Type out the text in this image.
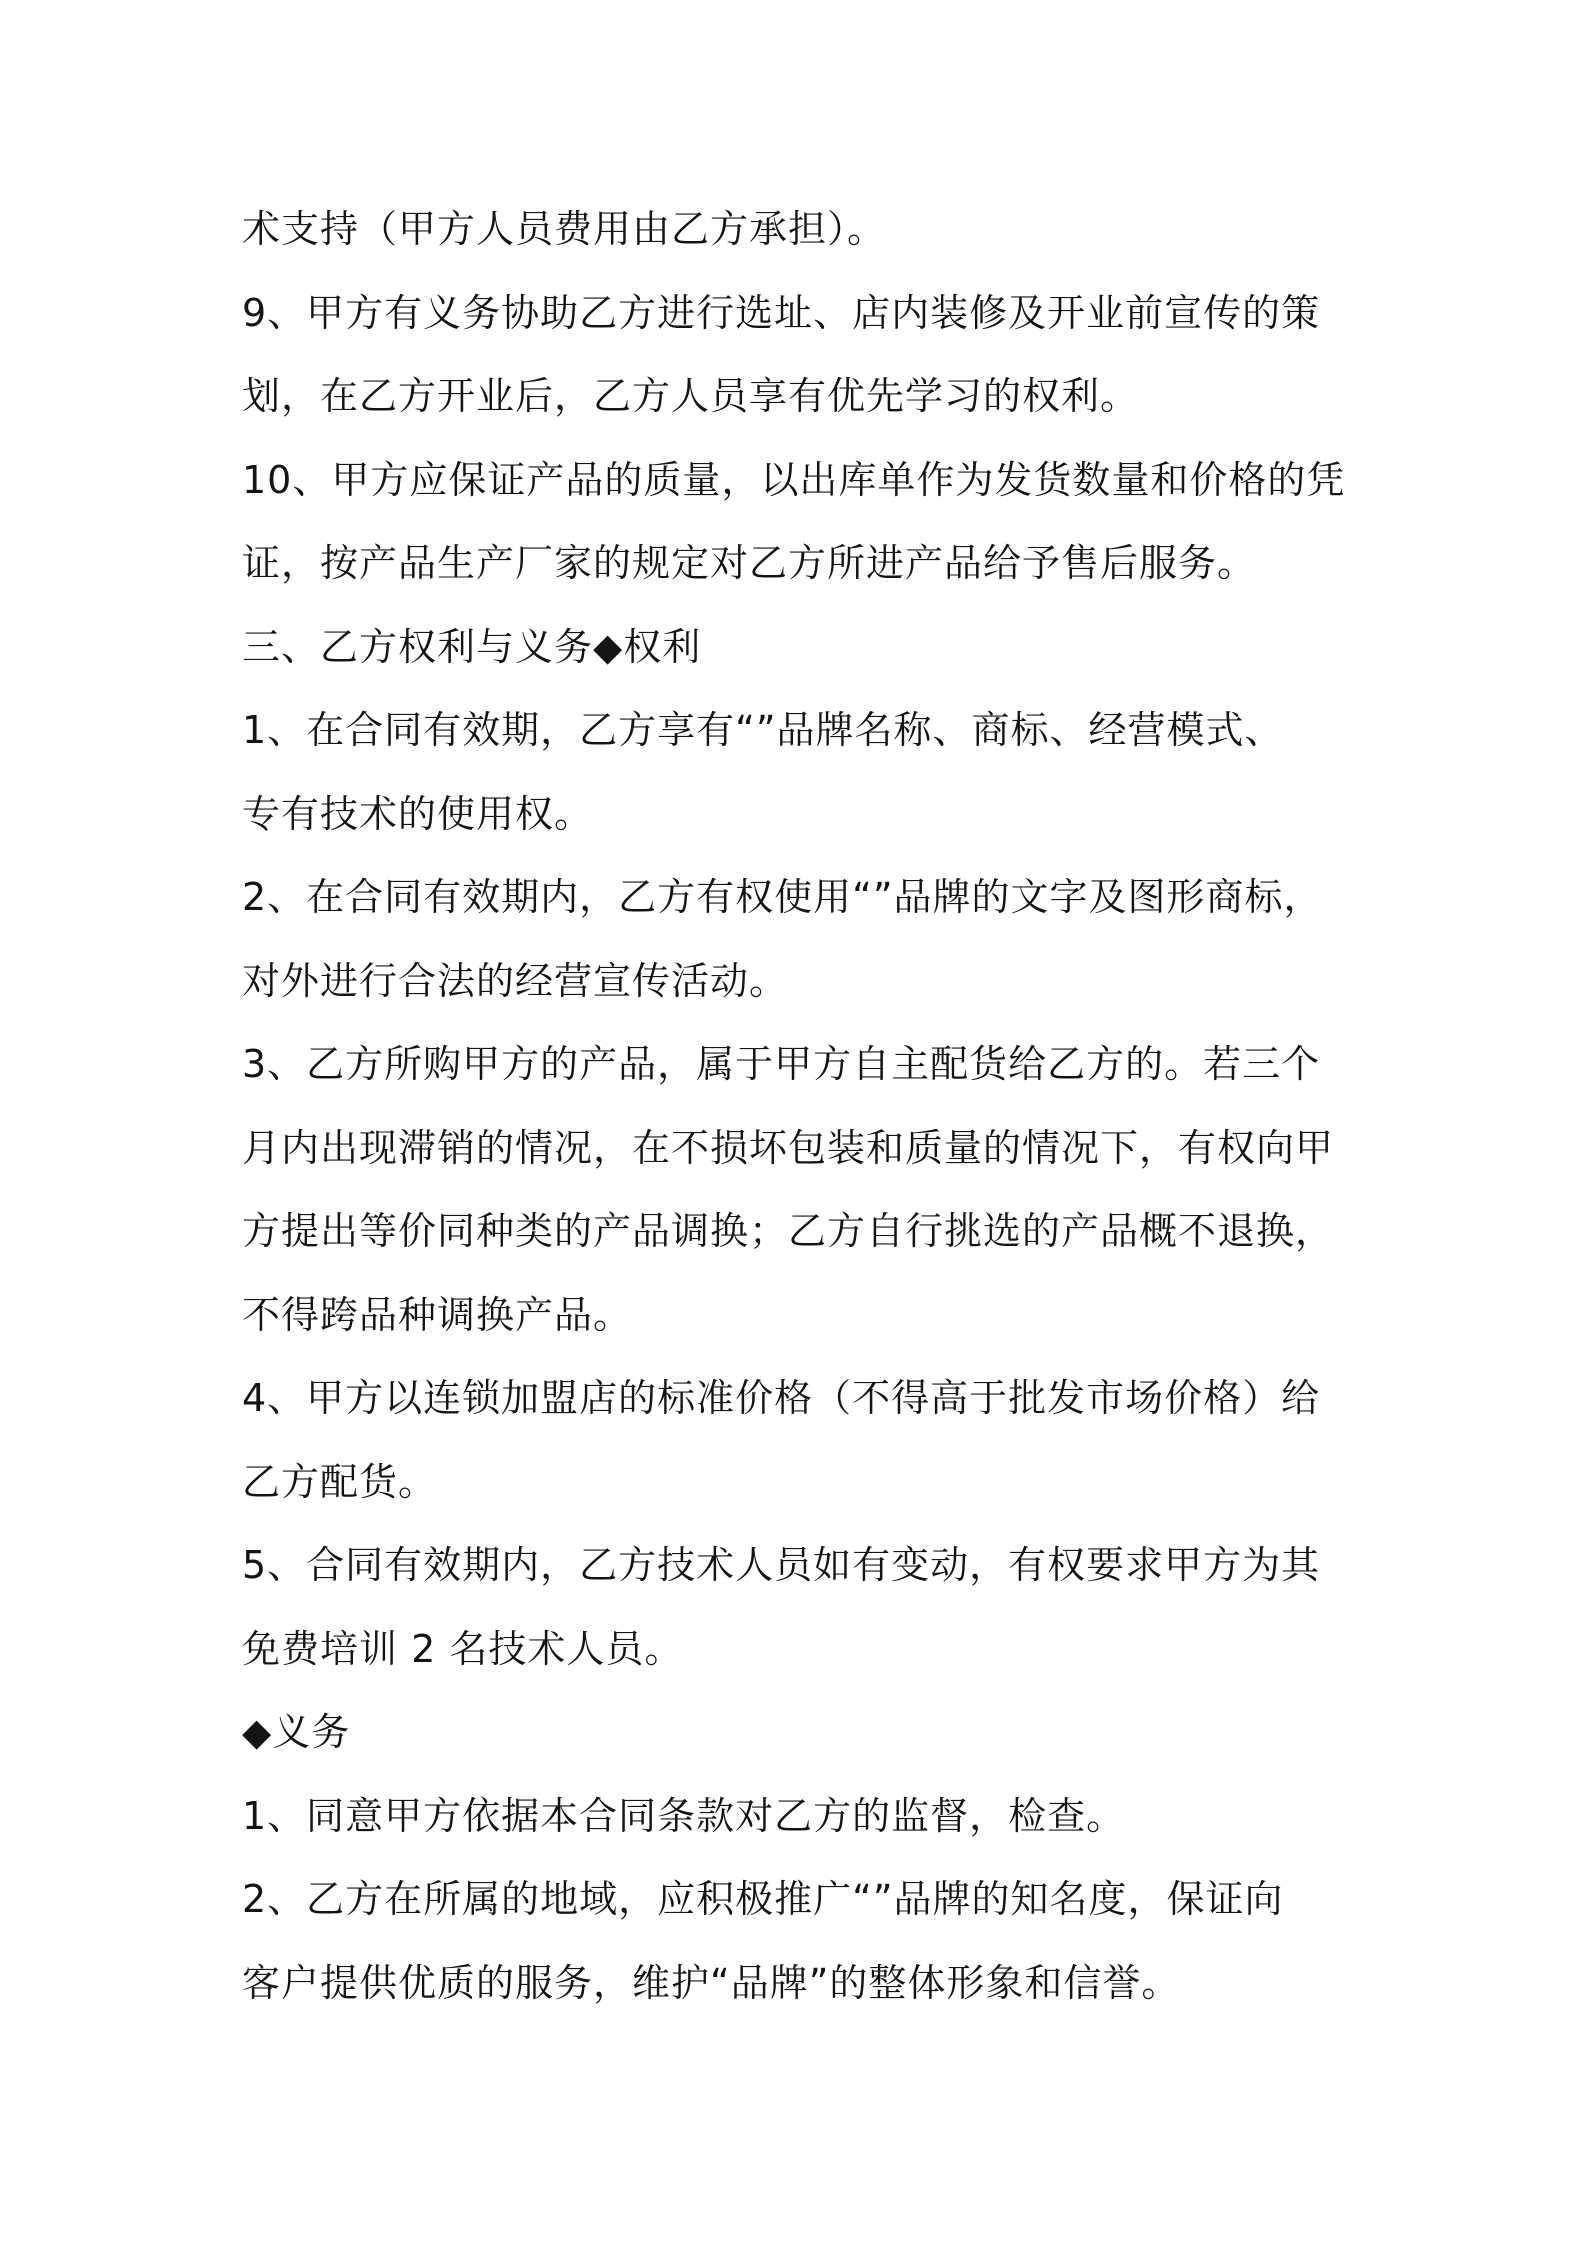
术支持（甲方人员费用由乙方承担）。
9、甲方有义务协助乙方进行选址、店内装修及开业前宣传的策
划，在乙方开业后，乙方人员享有优先学习的权利。
10、甲方应保证产品的质量，以出库单作为发货数量和价格的凭
证，按产品生产厂家的规定对乙方所进产品给予售后服务。
三、乙方权利与义务◆权利
1、在合同有效期，乙方享有“”品牌名称、商标、经营模式、
专有技术的使用权。
2、在合同有效期内，乙方有权使用“”品牌的文字及图形商标，
对外进行合法的经营宣传活动。
3、乙方所购甲方的产品，属于甲方自主配货给乙方的。若三个
月内出现滞销的情况，在不损坏包装和质量的情况下，有权向甲
方提出等价同种类的产品调换；乙方自行挑选的产品概不退换，
不得跨品种调换产品。
4、甲方以连锁加盟店的标准价格（不得高于批发市场价格）给
乙方配货。
5、合同有效期内，乙方技术人员如有变动，有权要求甲方为其
免费培训 2 名技术人员。
◆义务
1、同意甲方依据本合同条款对乙方的监督，检查。
2、乙方在所属的地域，应积极推广“”品牌的知名度，保证向
客户提供优质的服务，维护“品牌”的整体形象和信誉。
